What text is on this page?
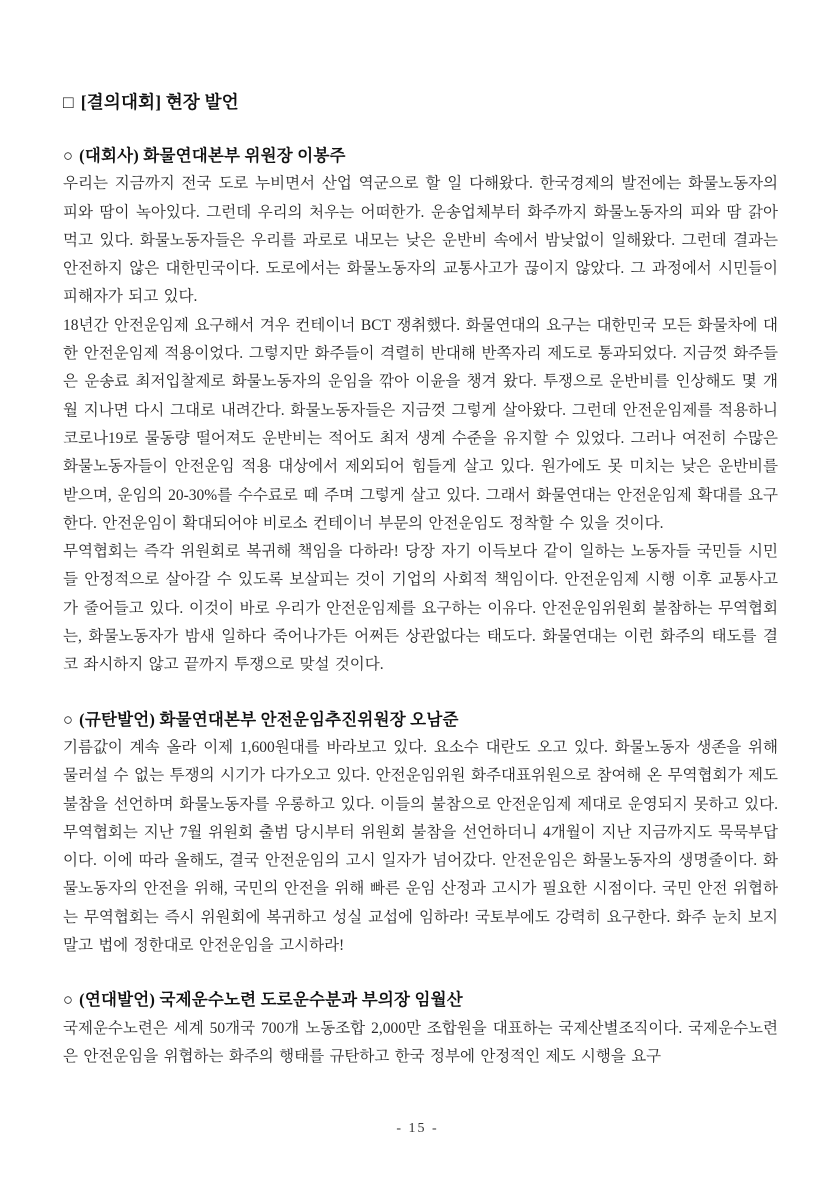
□ [결의대회] 현장 발언
○ (대회사) 화물연대본부 위원장 이봉주

우리는 지금까지 전국 도로 누비면서 산업 역군으로 할 일 다해왔다. 한국경제의 발전에는 화물노동자의 피와 땀이 녹아있다. 그런데 우리의 처우는 어떠한가. 운송업체부터 화주까지 화물노동자의 피와 땀 갉아먹고 있다. 화물노동자들은 우리를 과로로 내모는 낮은 운반비 속에서 밤낮없이 일해왔다. 그런데 결과는 안전하지 않은 대한민국이다. 도로에서는 화물노동자의 교통사고가 끊이지 않았다. 그 과정에서 시민들이 피해자가 되고 있다.

18년간 안전운임제 요구해서 겨우 컨테이너 BCT 쟁취했다. 화물연대의 요구는 대한민국 모든 화물차에 대한 안전운임제 적용이었다. 그렇지만 화주들이 격렬히 반대해 반쪽자리 제도로 통과되었다. 지금껏 화주들은 운송료 최저입찰제로 화물노동자의 운임을 깎아 이윤을 챙겨 왔다. 투쟁으로 운반비를 인상해도 몇 개월 지나면 다시 그대로 내려간다. 화물노동자들은 지금껏 그렇게 살아왔다. 그런데 안전운임제를 적용하니 코로나19로 물동량 떨어져도 운반비는 적어도 최저 생계 수준을 유지할 수 있었다. 그러나 여전히 수많은 화물노동자들이 안전운임 적용 대상에서 제외되어 힘들게 살고 있다. 원가에도 못 미치는 낮은 운반비를 받으며, 운임의 20-30%를 수수료로 떼 주며 그렇게 살고 있다. 그래서 화물연대는 안전운임제 확대를 요구한다. 안전운임이 확대되어야 비로소 컨테이너 부문의 안전운임도 정착할 수 있을 것이다.

무역협회는 즉각 위원회로 복귀해 책임을 다하라! 당장 자기 이득보다 같이 일하는 노동자들 국민들 시민들 안정적으로 살아갈 수 있도록 보살피는 것이 기업의 사회적 책임이다. 안전운임제 시행 이후 교통사고가 줄어들고 있다. 이것이 바로 우리가 안전운임제를 요구하는 이유다. 안전운임위원회 불참하는 무역협회는, 화물노동자가 밤새 일하다 죽어나가든 어쩌든 상관없다는 태도다. 화물연대는 이런 화주의 태도를 결코 좌시하지 않고 끝까지 투쟁으로 맞설 것이다.

○ (규탄발언) 화물연대본부 안전운임추진위원장 오남준

기름값이 계속 올라 이제 1,600원대를 바라보고 있다. 요소수 대란도 오고 있다. 화물노동자 생존을 위해 물러설 수 없는 투쟁의 시기가 다가오고 있다. 안전운임위원 화주대표위원으로 참여해 온 무역협회가 제도 불참을 선언하며 화물노동자를 우롱하고 있다. 이들의 불참으로 안전운임제 제대로 운영되지 못하고 있다. 무역협회는 지난 7월 위원회 출범 당시부터 위원회 불참을 선언하더니 4개월이 지난 지금까지도 묵묵부답이다. 이에 따라 올해도, 결국 안전운임의 고시 일자가 넘어갔다. 안전운임은 화물노동자의 생명줄이다. 화물노동자의 안전을 위해, 국민의 안전을 위해 빠른 운임 산정과 고시가 필요한 시점이다. 국민 안전 위협하는 무역협회는 즉시 위원회에 복귀하고 성실 교섭에 임하라! 국토부에도 강력히 요구한다. 화주 눈치 보지 말고 법에 정한대로 안전운임을 고시하라!

○ (연대발언) 국제운수노련 도로운수분과 부의장 임월산

국제운수노련은 세계 50개국 700개 노동조합 2,000만 조합원을 대표하는 국제산별조직이다. 국제운수노련은 안전운임을 위협하는 화주의 행태를 규탄하고 한국 정부에 안정적인 제도 시행을 요구

- 15 -
